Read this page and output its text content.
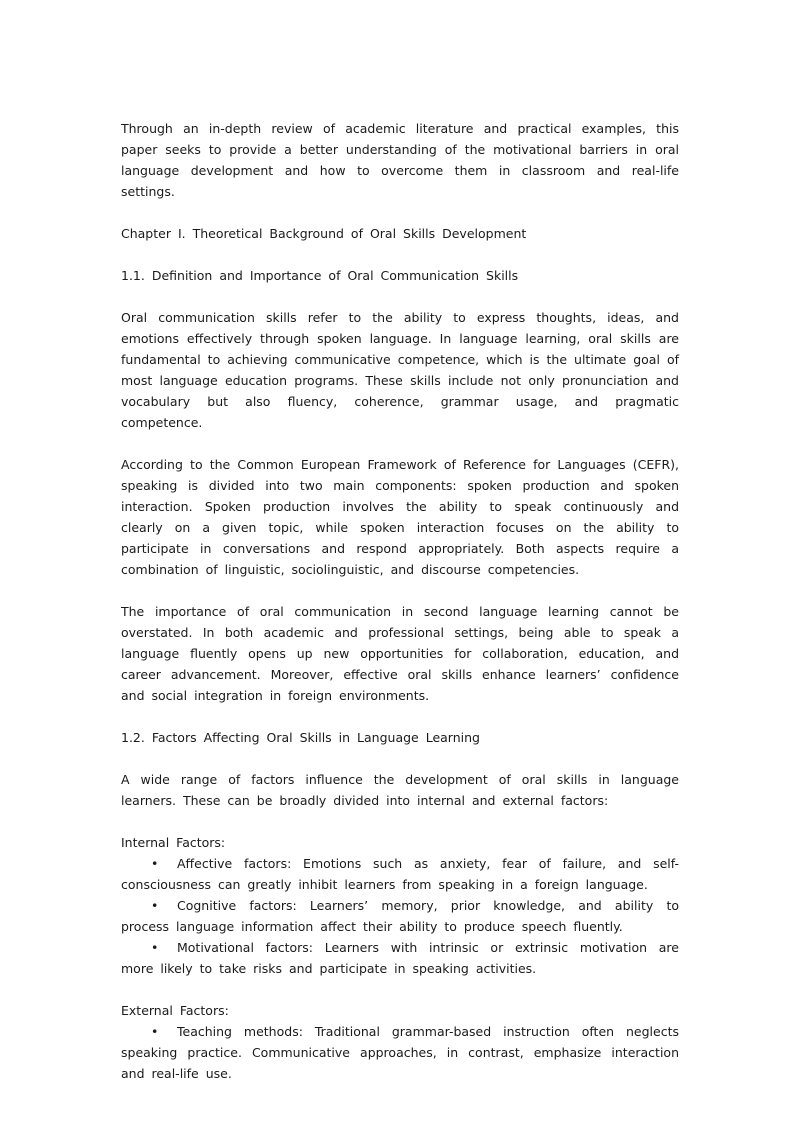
Through an in-depth review of academic literature and practical examples, this paper seeks to provide a better understanding of the motivational barriers in oral language development and how to overcome them in classroom and real-life settings.

Chapter I. Theoretical Background of Oral Skills Development

1.1. Definition and Importance of Oral Communication Skills

Oral communication skills refer to the ability to express thoughts, ideas, and emotions effectively through spoken language. In language learning, oral skills are fundamental to achieving communicative competence, which is the ultimate goal of most language education programs. These skills include not only pronunciation and vocabulary but also fluency, coherence, grammar usage, and pragmatic competence.

According to the Common European Framework of Reference for Languages (CEFR), speaking is divided into two main components: spoken production and spoken interaction. Spoken production involves the ability to speak continuously and clearly on a given topic, while spoken interaction focuses on the ability to participate in conversations and respond appropriately. Both aspects require a combination of linguistic, sociolinguistic, and discourse competencies.

The importance of oral communication in second language learning cannot be overstated. In both academic and professional settings, being able to speak a language fluently opens up new opportunities for collaboration, education, and career advancement. Moreover, effective oral skills enhance learners’ confidence and social integration in foreign environments.

1.2. Factors Affecting Oral Skills in Language Learning

A wide range of factors influence the development of oral skills in language learners. These can be broadly divided into internal and external factors:

Internal Factors:

• Affective factors: Emotions such as anxiety, fear of failure, and self-consciousness can greatly inhibit learners from speaking in a foreign language.

• Cognitive factors: Learners’ memory, prior knowledge, and ability to process language information affect their ability to produce speech fluently.

• Motivational factors: Learners with intrinsic or extrinsic motivation are more likely to take risks and participate in speaking activities.

External Factors:

• Teaching methods: Traditional grammar-based instruction often neglects speaking practice. Communicative approaches, in contrast, emphasize interaction and real-life use.
